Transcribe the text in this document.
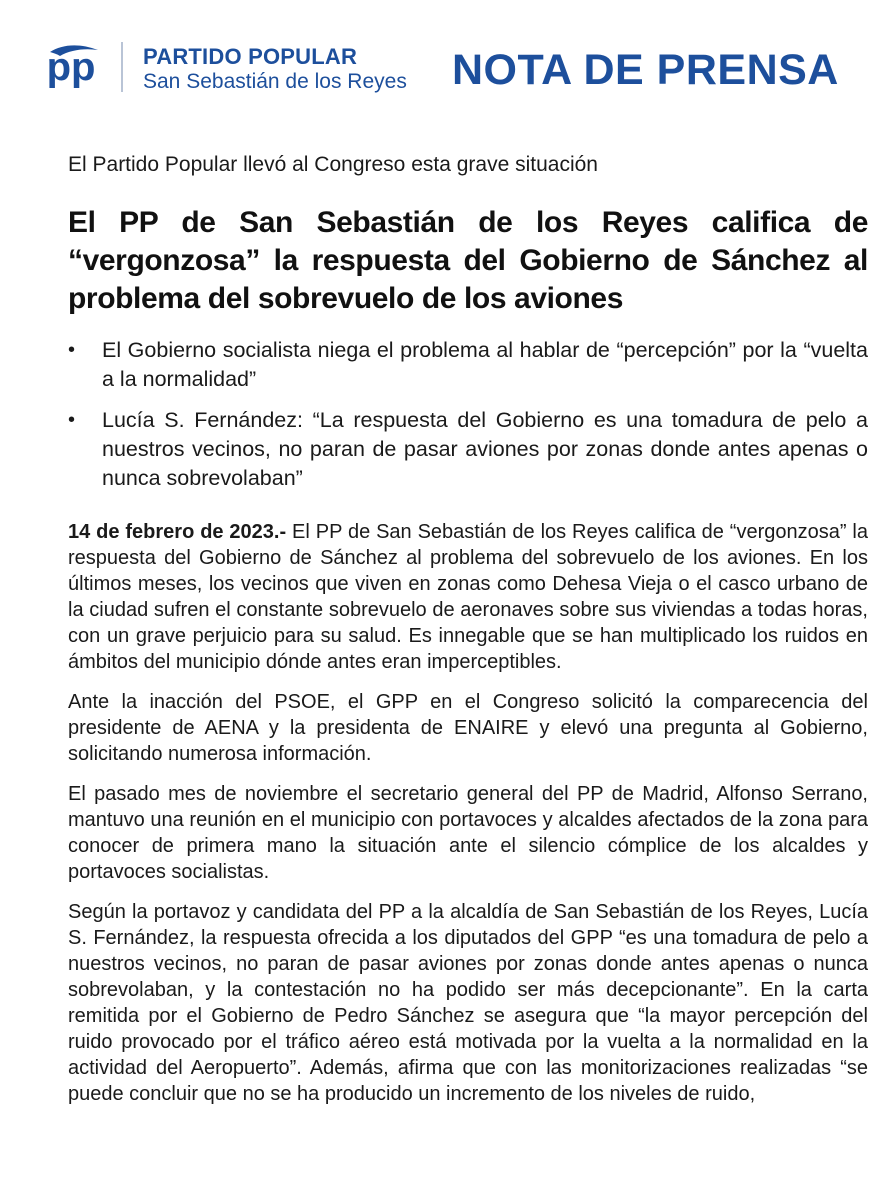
pp PARTIDO POPULAR
San Sebastián de los Reyes NOTA DE PRENSA

El Partido Popular llevó al Congreso esta grave situación

El PP de San Sebastián de los Reyes califica de “vergonzosa” la respuesta del Gobierno de Sánchez al problema del sobrevuelo de los aviones
• El Gobierno socialista niega el problema al hablar de “percepción” por la “vuelta a la normalidad”
• Lucía S. Fernández: “La respuesta del Gobierno es una tomadura de pelo a nuestros vecinos, no paran de pasar aviones por zonas donde antes apenas o nunca sobrevolaban”

14 de febrero de 2023.- El PP de San Sebastián de los Reyes califica de “vergonzosa” la respuesta del Gobierno de Sánchez al problema del sobrevuelo de los aviones. En los últimos meses, los vecinos que viven en zonas como Dehesa Vieja o el casco urbano de la ciudad sufren el constante sobrevuelo de aeronaves sobre sus viviendas a todas horas, con un grave perjuicio para su salud. Es innegable que se han multiplicado los ruidos en ámbitos del municipio dónde antes eran imperceptibles.

Ante la inacción del PSOE, el GPP en el Congreso solicitó la comparecencia del presidente de AENA y la presidenta de ENAIRE y elevó una pregunta al Gobierno, solicitando numerosa información.

El pasado mes de noviembre el secretario general del PP de Madrid, Alfonso Serrano, mantuvo una reunión en el municipio con portavoces y alcaldes afectados de la zona para conocer de primera mano la situación ante el silencio cómplice de los alcaldes y portavoces socialistas.

Según la portavoz y candidata del PP a la alcaldía de San Sebastián de los Reyes, Lucía S. Fernández, la respuesta ofrecida a los diputados del GPP “es una tomadura de pelo a nuestros vecinos, no paran de pasar aviones por zonas donde antes apenas o nunca sobrevolaban, y la contestación no ha podido ser más decepcionante”. En la carta remitida por el Gobierno de Pedro Sánchez se asegura que “la mayor percepción del ruido provocado por el tráfico aéreo está motivada por la vuelta a la normalidad en la actividad del Aeropuerto”. Además, afirma que con las monitorizaciones realizadas “se puede concluir que no se ha producido un incremento de los niveles de ruido,
